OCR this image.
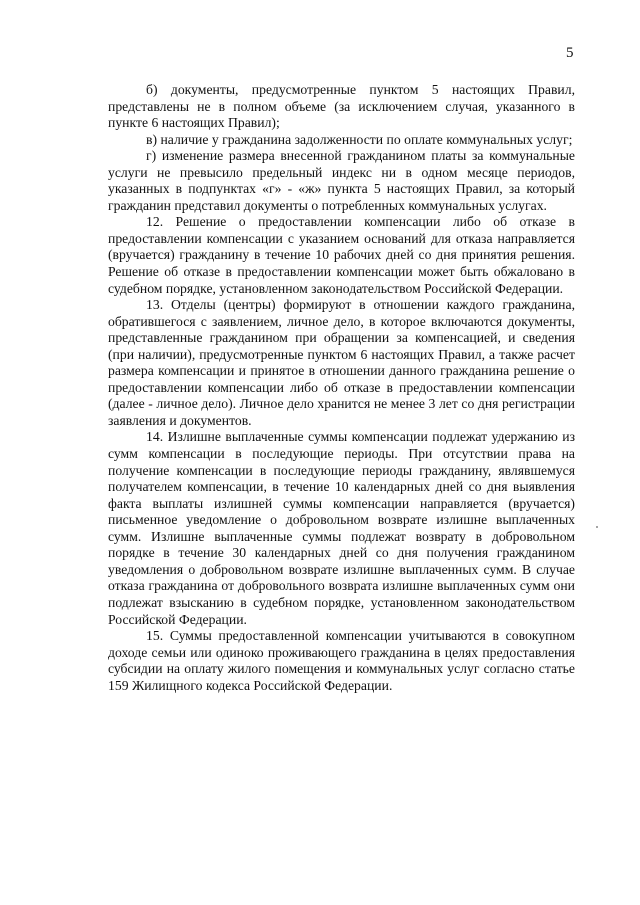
5

б) документы, предусмотренные пунктом 5 настоящих Правил, представлены не в полном объеме (за исключением случая, указанного в пункте 6 настоящих Правил);

в) наличие у гражданина задолженности по оплате коммунальных услуг;

г) изменение размера внесенной гражданином платы за коммунальные услуги не превысило предельный индекс ни в одном месяце периодов, указанных в подпунктах «г» - «ж» пункта 5 настоящих Правил, за который гражданин представил документы о потребленных коммунальных услугах.

12. Решение о предоставлении компенсации либо об отказе в предоставлении компенсации с указанием оснований для отказа направляется (вручается) гражданину в течение 10 рабочих дней со дня принятия решения. Решение об отказе в предоставлении компенсации может быть обжаловано в судебном порядке, установленном законодательством Российской Федерации.

13. Отделы (центры) формируют в отношении каждого гражданина, обратившегося с заявлением, личное дело, в которое включаются документы, представленные гражданином при обращении за компенсацией, и сведения (при наличии), предусмотренные пунктом 6 настоящих Правил, а также расчет размера компенсации и принятое в отношении данного гражданина решение о предоставлении компенсации либо об отказе в предоставлении компенсации (далее - личное дело). Личное дело хранится не менее 3 лет со дня регистрации заявления и документов.

14. Излишне выплаченные суммы компенсации подлежат удержанию из сумм компенсации в последующие периоды. При отсутствии права на получение компенсации в последующие периоды гражданину, являвшемуся получателем компенсации, в течение 10 календарных дней со дня выявления факта выплаты излишней суммы компенсации направляется (вручается) письменное уведомление о добровольном возврате излишне выплаченных сумм. Излишне выплаченные суммы подлежат возврату в добровольном порядке в течение 30 календарных дней со дня получения гражданином уведомления о добровольном возврате излишне выплаченных сумм. В случае отказа гражданина от добровольного возврата излишне выплаченных сумм они подлежат взысканию в судебном порядке, установленном законодательством Российской Федерации.

15. Суммы предоставленной компенсации учитываются в совокупном доходе семьи или одиноко проживающего гражданина в целях предоставления субсидии на оплату жилого помещения и коммунальных услуг согласно статье 159 Жилищного кодекса Российской Федерации.
